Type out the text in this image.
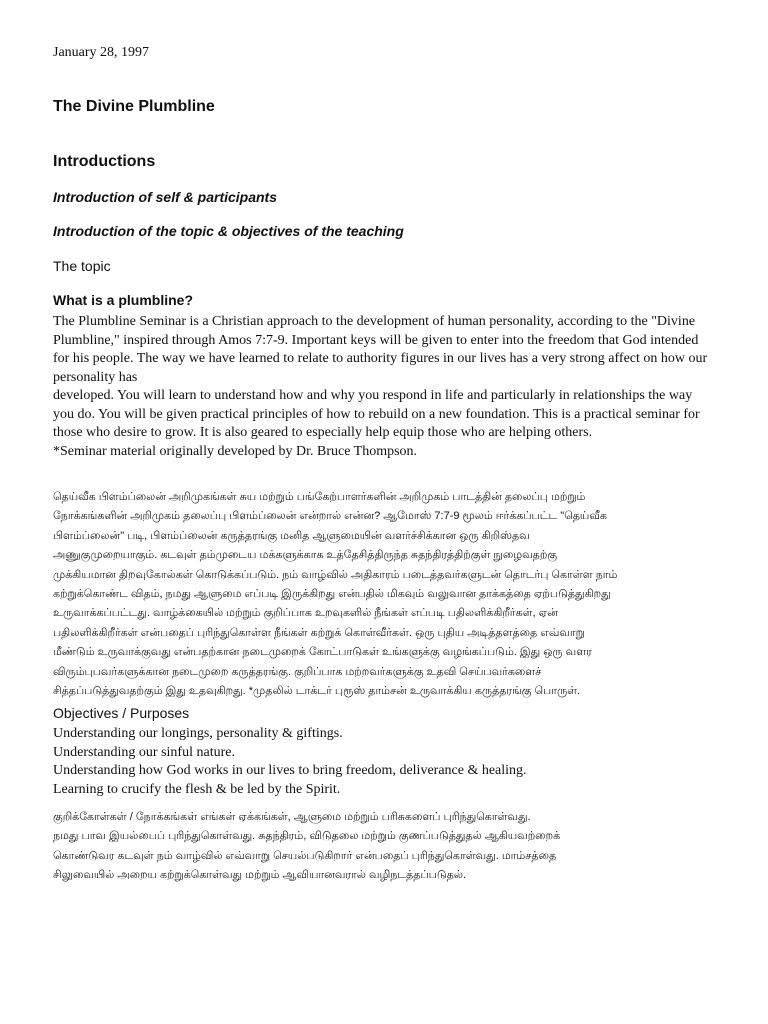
January 28, 1997

The Divine Plumbline
Introductions
Introduction of self & participants
Introduction of the topic & objectives of the teaching

The topic

What is a plumbline?

The Plumbline Seminar is a Christian approach to the development of human personality, according to the "Divine Plumbline," inspired through Amos 7:7-9. Important keys will be given to enter into the freedom that God intended for his people. The way we have learned to relate to authority figures in our lives has a very strong affect on how our personality has

developed. You will learn to understand how and why you respond in life and particularly in relationships the way you do. You will be given practical principles of how to rebuild on a new foundation. This is a practical seminar for those who desire to grow. It is also geared to especially help equip those who are helping others.

*Seminar material originally developed by Dr. Bruce Thompson.

தெய்வீக பிளம்ப்லைன் அறிமுகங்கள் சுய மற்றும் பங்கேற்பாளர்களின் அறிமுகம் பாடத்தின் தலைப்பு மற்றும்
நோக்கங்களின் அறிமுகம் தலைப்பு பிளம்ப்லைன் என்றால் என்ன? ஆமோஸ் 7:7-9 மூலம் ஈர்க்கப்பட்ட "தெய்வீக
பிளம்ப்லைன்" படி, பிளம்ப்லைன் கருத்தரங்கு மனித ஆளுமையின் வளர்ச்சிக்கான ஒரு கிறிஸ்தவ
அணுகுமுறையாகும். கடவுள் தம்முடைய மக்களுக்காக உத்தேசித்திருந்த சுதந்திரத்திற்குள் நுழைவதற்கு
முக்கியமான திறவுகோல்கள் கொடுக்கப்படும். நம் வாழ்வில் அதிகாரம் படைத்தவர்களுடன் தொடர்பு கொள்ள நாம்
கற்றுக்கொண்ட விதம், நமது ஆளுமை எப்படி இருக்கிறது என்பதில் மிகவும் வலுவான தாக்கத்தை ஏற்படுத்துகிறது
உருவாக்கப்பட்டது. வாழ்க்கையில் மற்றும் குறிப்பாக உறவுகளில் நீங்கள் எப்படி பதிலளிக்கிறீர்கள், ஏன்
பதிலளிக்கிறீர்கள் என்பதைப் புரிந்துகொள்ள நீங்கள் கற்றுக் கொள்வீர்கள். ஒரு புதிய அடித்தளத்தை எவ்வாறு
மீண்டும் உருவாக்குவது என்பதற்கான நடைமுறைக் கோட்பாடுகள் உங்களுக்கு வழங்கப்படும். இது ஒரு வளர
விரும்புபவர்களுக்கான நடைமுறை கருத்தரங்கு. குறிப்பாக மற்றவர்களுக்கு உதவி செய்பவர்களைச்
சித்தப்படுத்துவதற்கும் இது உதவுகிறது. *முதலில் டாக்டர் புரூஸ் தாம்சன் உருவாக்கிய கருத்தரங்கு பொருள்.

Objectives / Purposes

Understanding our longings, personality & giftings.
Understanding our sinful nature.
Understanding how God works in our lives to bring freedom, deliverance & healing.
Learning to crucify the flesh & be led by the Spirit.
குறிக்கோள்கள் / நோக்கங்கள் எங்கள் ஏக்கங்கள், ஆளுமை மற்றும் பரிசுகளைப் புரிந்துகொள்வது.
நமது பாவ இயல்பைப் புரிந்துகொள்வது. சுதந்திரம், விடுதலை மற்றும் குணப்படுத்துதல் ஆகியவற்றைக்
கொண்டுவர கடவுள் நம் வாழ்வில் எவ்வாறு செயல்படுகிறார் என்பதைப் புரிந்துகொள்வது. மாம்சத்தை
சிலுவையில் அறைய கற்றுக்கொள்வது மற்றும் ஆவியானவரால் வழிநடத்தப்படுதல்.
